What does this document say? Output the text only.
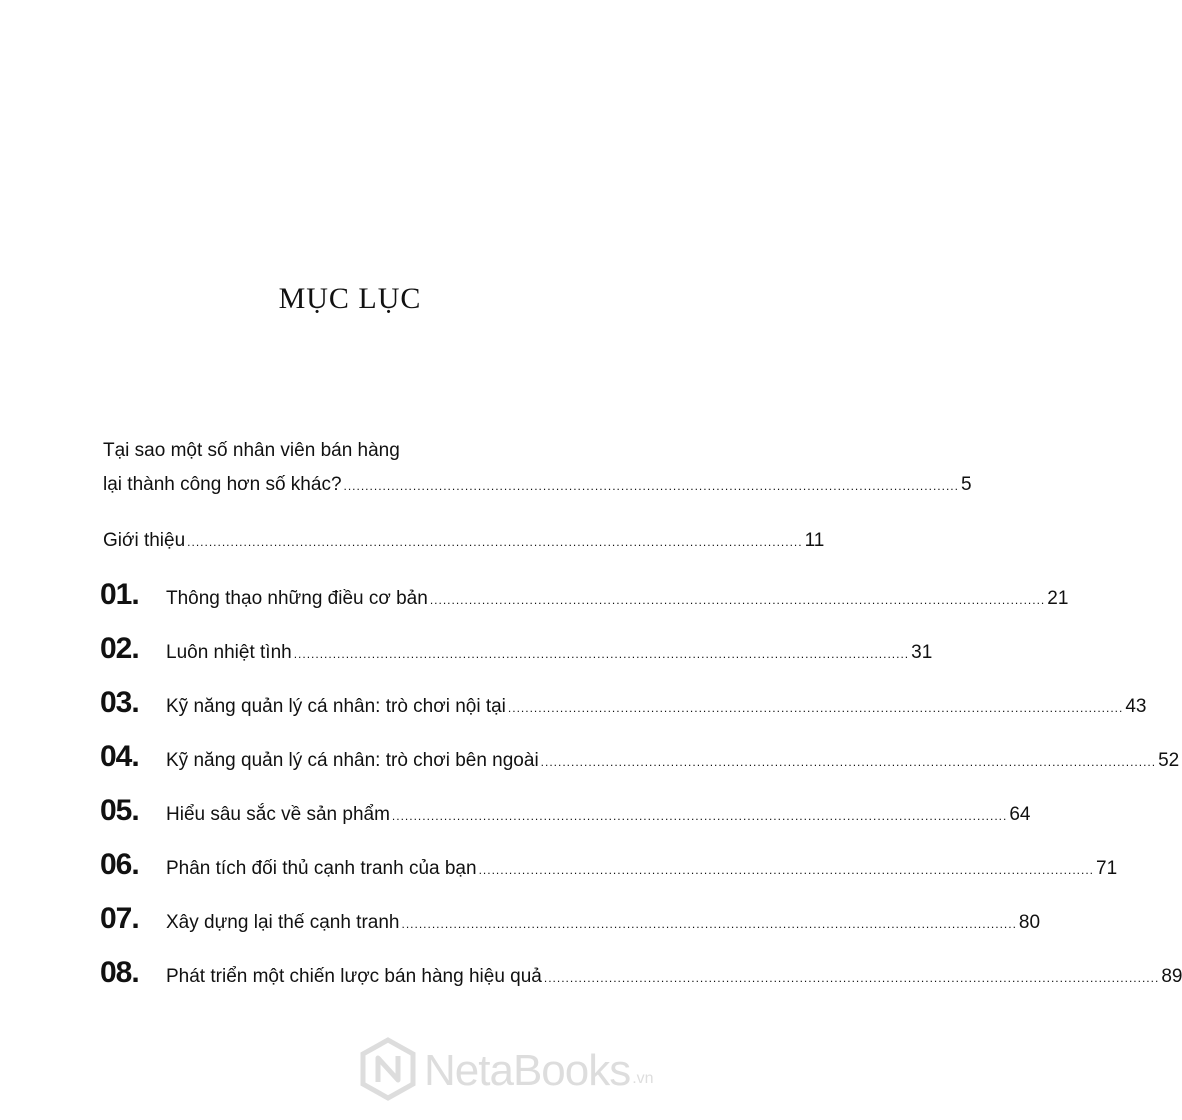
MỤC LỤC
Tại sao một số nhân viên bán hàng
lại thành công hơn số khác? .............................................................................................................................................. 5
Giới thiệu .............................................................................................................................................. 11
01.	Thông thạo những điều cơ bản .............................................................................................................................................. 21
02.	Luôn nhiệt tình .............................................................................................................................................. 31
03.	Kỹ năng quản lý cá nhân: trò chơi nội tại .............................................................................................................................................. 43
04.	Kỹ năng quản lý cá nhân: trò chơi bên ngoài .............................................................................................................................................. 52
05.	Hiểu sâu sắc về sản phẩm .............................................................................................................................................. 64
06.	Phân tích đối thủ cạnh tranh của bạn .............................................................................................................................................. 71
07.	Xây dựng lại thế cạnh tranh .............................................................................................................................................. 80
08.	Phát triển một chiến lược bán hàng hiệu quả .............................................................................................................................................. 89
NetaBooks .vn
